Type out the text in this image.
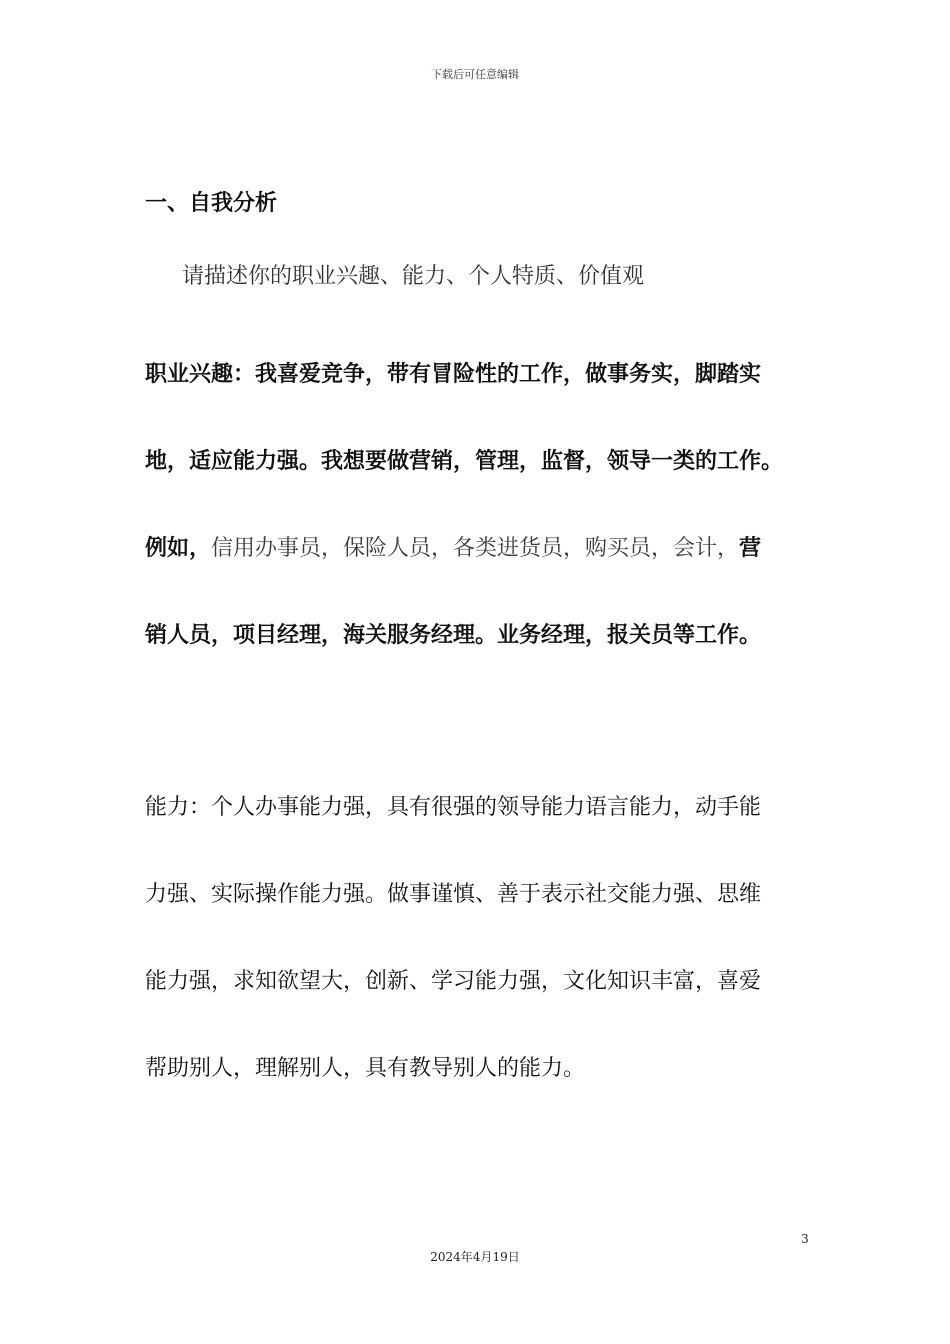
下载后可任意编辑
一、自我分析
请描述你的职业兴趣、能力、个人特质、价值观
职业兴趣：我喜爱竞争，带有冒险性的工作，做事务实，脚踏实
地，适应能力强。我想要做营销，管理，监督，领导一类的工作。
例如，信用办事员，保险人员，各类进货员，购买员，会计，营
销人员，项目经理，海关服务经理。业务经理，报关员等工作。
能力：个人办事能力强，具有很强的领导能力语言能力，动手能
力强、实际操作能力强。做事谨慎、善于表示社交能力强、思维
能力强，求知欲望大，创新、学习能力强，文化知识丰富，喜爱
帮助别人，理解别人，具有教导别人的能力。
3
2024年4月19日
